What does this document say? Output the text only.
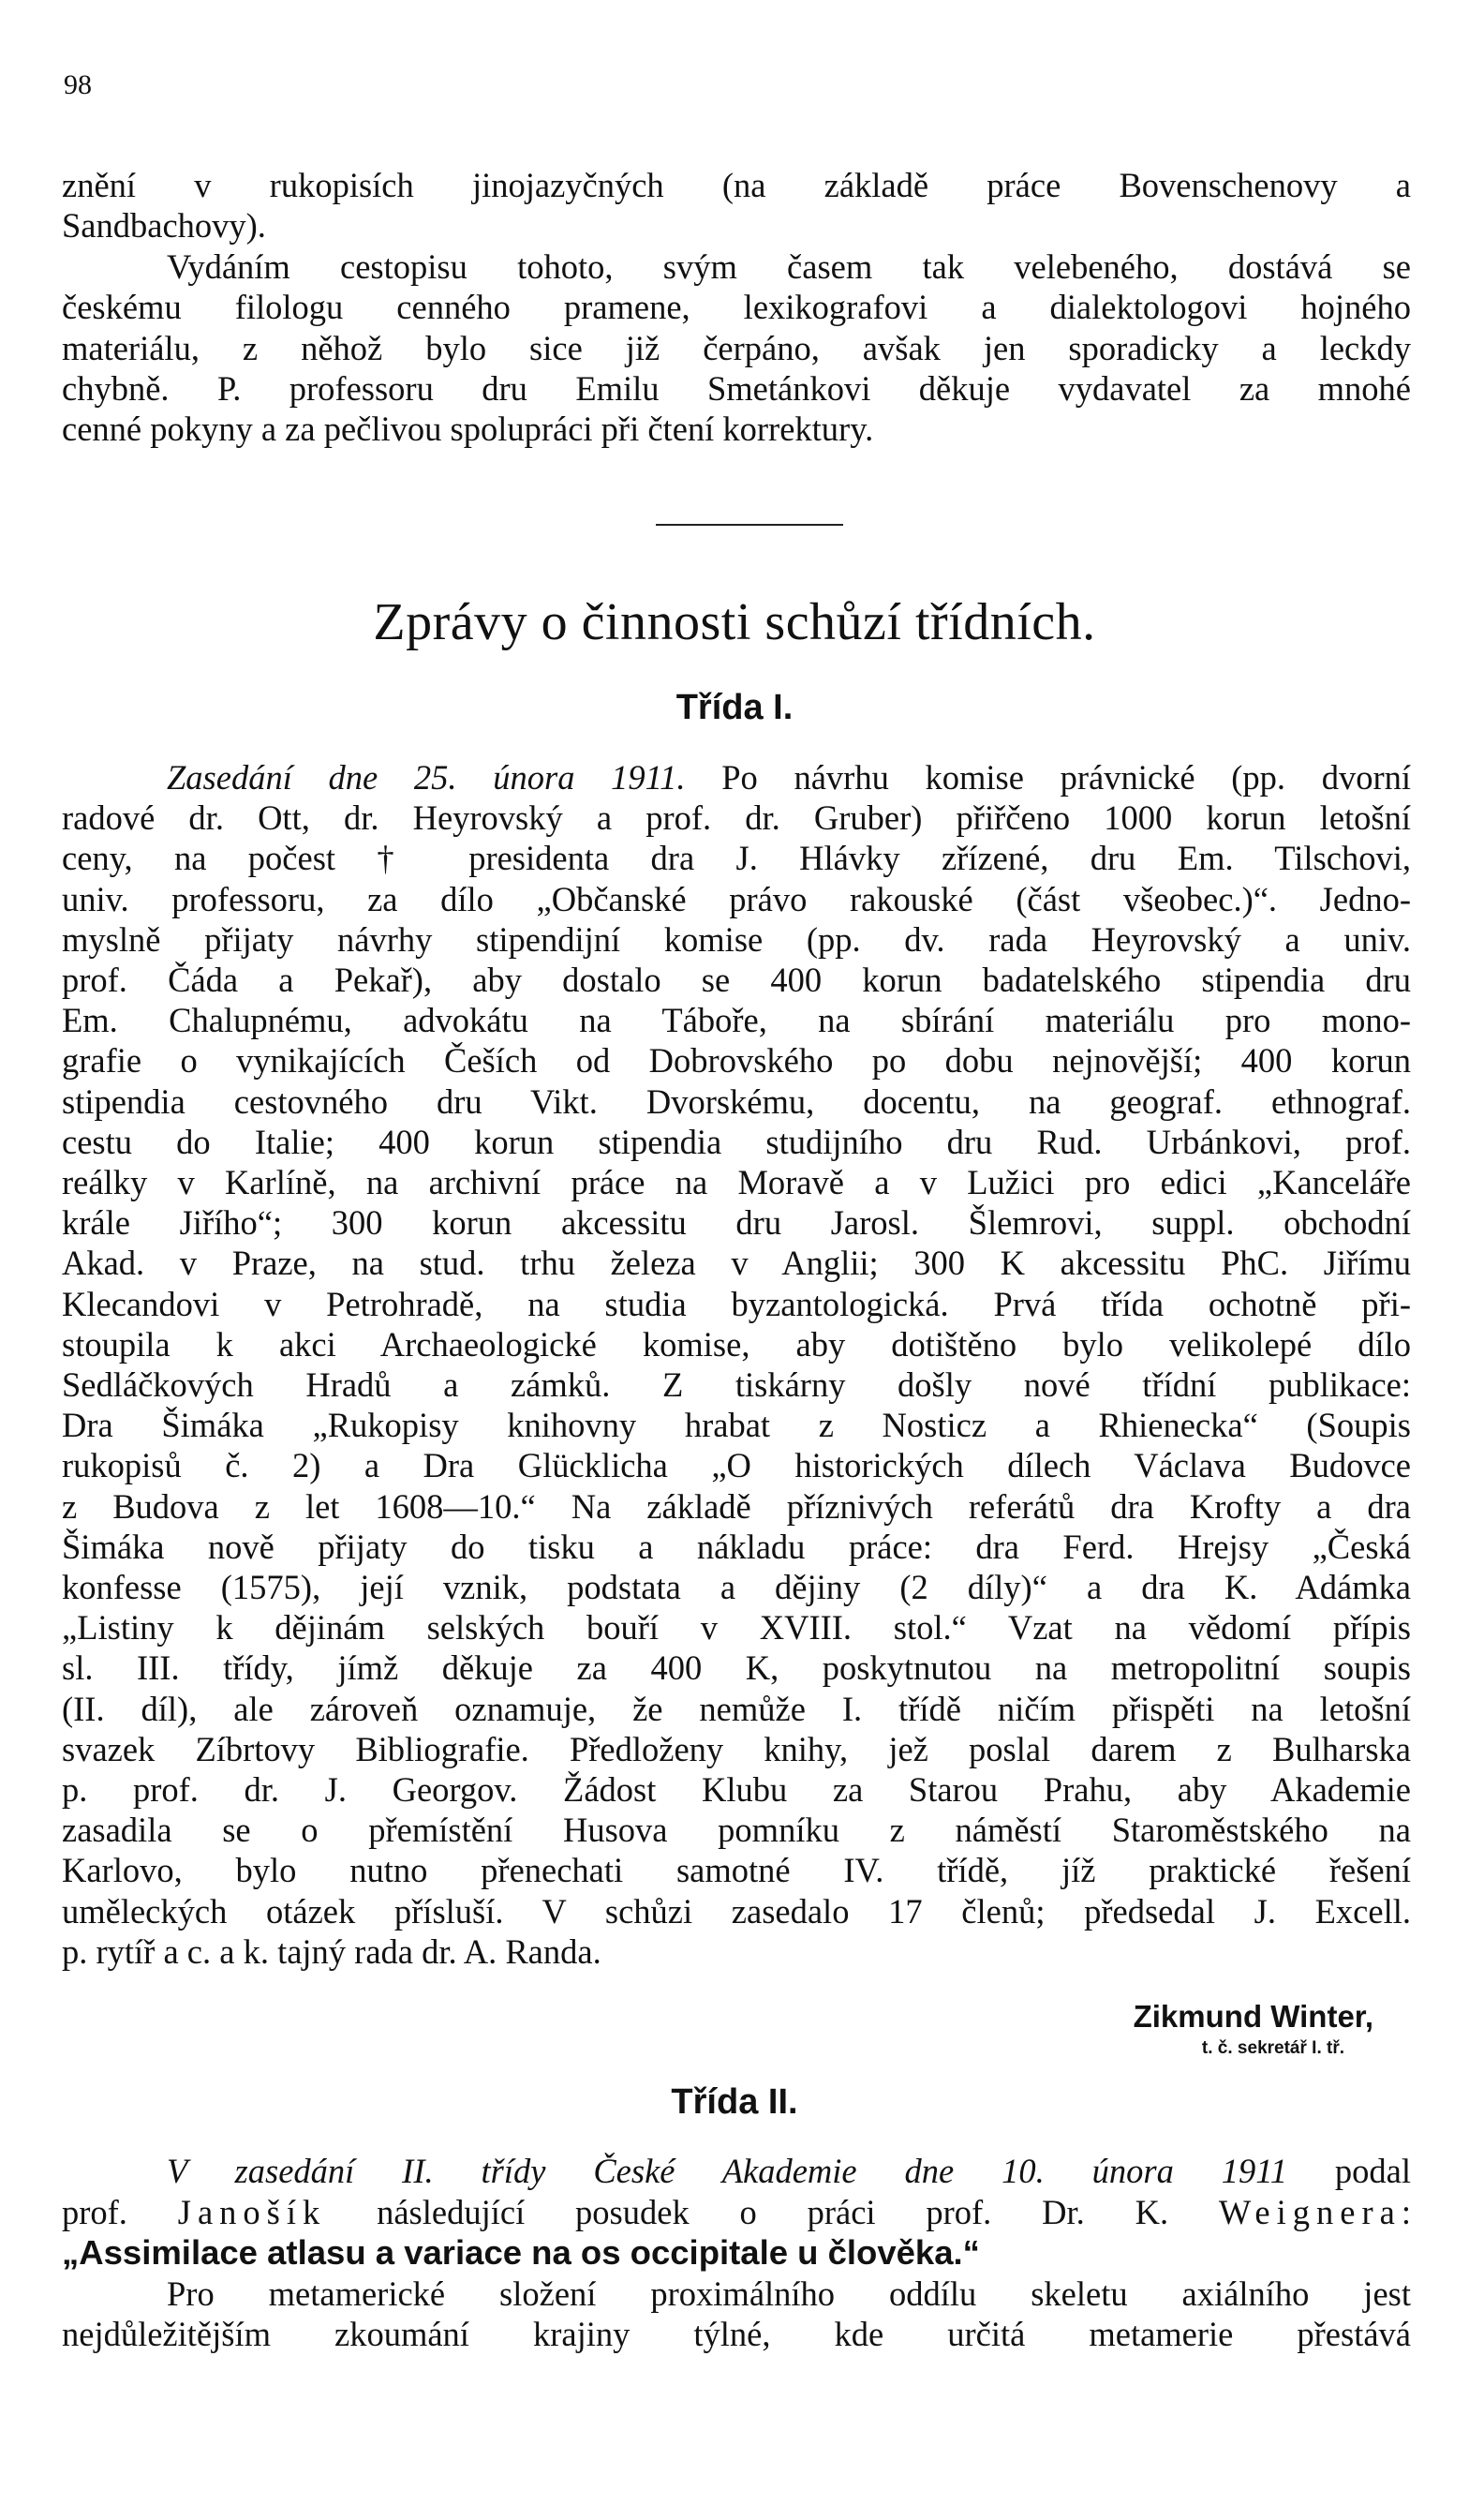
98
znění v rukopisích jinojazyčných (na základě práce Bovenschenovy a
Sandbachovy).
Vydáním cestopisu tohoto, svým časem tak velebeného, dostává se
českému filologu cenného pramene, lexikografovi a dialektologovi hojného
materiálu, z něhož bylo sice již čerpáno, avšak jen sporadicky a leckdy
chybně. P. professoru dru Emilu Smetánkovi děkuje vydavatel za mnohé
cenné pokyny a za pečlivou spolupráci při čtení korrektury.
Zprávy o činnosti schůzí třídních.
Třída I.
Zasedání dne 25. února 1911. Po návrhu komise právnické (pp. dvorní
radové dr. Ott, dr. Heyrovský a prof. dr. Gruber) přiřčeno 1000 korun letošní
ceny, na počest † presidenta dra J. Hlávky zřízené, dru Em. Tilschovi,
univ. professoru, za dílo „Občanské právo rakouské (část všeobec.)“. Jedno-
myslně přijaty návrhy stipendijní komise (pp. dv. rada Heyrovský a univ.
prof. Čáda a Pekař), aby dostalo se 400 korun badatelského stipendia dru
Em. Chalupnému, advokátu na Táboře, na sbírání materiálu pro mono-
grafie o vynikajících Češích od Dobrovského po dobu nejnovější; 400 korun
stipendia cestovného dru Vikt. Dvorskému, docentu, na geograf. ethnograf.
cestu do Italie; 400 korun stipendia studijního dru Rud. Urbánkovi, prof.
reálky v Karlíně, na archivní práce na Moravě a v Lužici pro edici „Kanceláře
krále Jiřího“; 300 korun akcessitu dru Jarosl. Šlemrovi, suppl. obchodní
Akad. v Praze, na stud. trhu železa v Anglii; 300 K akcessitu PhC. Jiřímu
Klecandovi v Petrohradě, na studia byzantologická. Prvá třída ochotně při-
stoupila k akci Archaeologické komise, aby dotištěno bylo velikolepé dílo
Sedláčkových Hradů a zámků. Z tiskárny došly nové třídní publikace:
Dra Šimáka „Rukopisy knihovny hrabat z Nosticz a Rhienecka“ (Soupis
rukopisů č. 2) a Dra Glücklicha „O historických dílech Václava Budovce
z Budova z let 1608—10.“ Na základě příznivých referátů dra Krofty a dra
Šimáka nově přijaty do tisku a nákladu práce: dra Ferd. Hrejsy „Česká
konfesse (1575), její vznik, podstata a dějiny (2 díly)“ a dra K. Adámka
„Listiny k dějinám selských bouří v XVIII. stol.“ Vzat na vědomí přípis
sl. III. třídy, jímž děkuje za 400 K, poskytnutou na metropolitní soupis
(II. díl), ale zároveň oznamuje, že nemůže I. třídě ničím přispěti na letošní
svazek Zíbrtovy Bibliografie. Předloženy knihy, jež poslal darem z Bulharska
p. prof. dr. J. Georgov. Žádost Klubu za Starou Prahu, aby Akademie
zasadila se o přemístění Husova pomníku z náměstí Staroměstského na
Karlovo, bylo nutno přenechati samotné IV. třídě, jíž praktické řešení
uměleckých otázek přísluší. V schůzi zasedalo 17 členů; předsedal J. Excell.
p. rytíř a c. a k. tajný rada dr. A. Randa.
Zikmund Winter,
t. č. sekretář I. tř.
Třída II.
V zasedání II. třídy České Akademie dne 10. února 1911 podal
prof. Janošík následující posudek o práci prof. Dr. K. Weignera:
„Assimilace atlasu a variace na os occipitale u člověka.“
Pro metamerické složení proximálního oddílu skeletu axiálního jest
nejdůležitějším zkoumání krajiny týlné, kde určitá metamerie přestává
